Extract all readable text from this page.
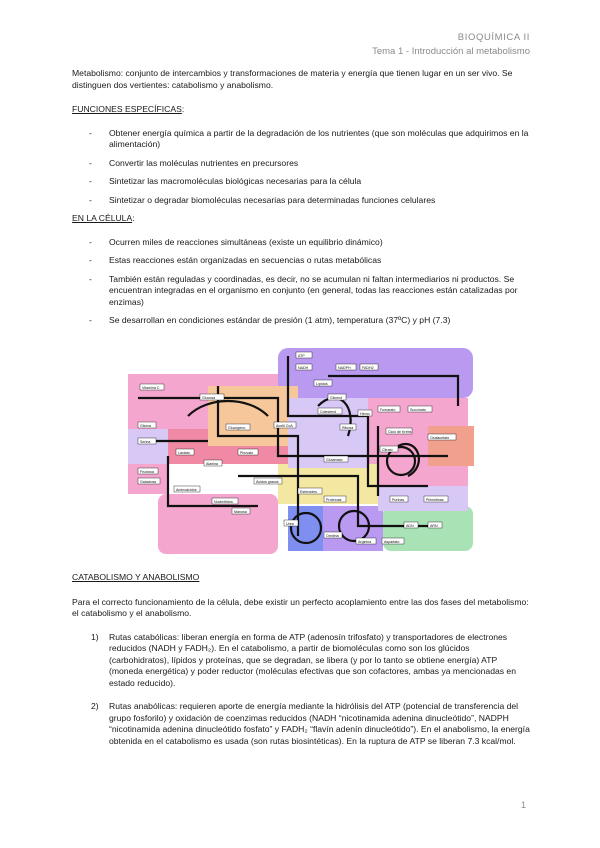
BIOQUÍMICA II
Tema 1 - Introducción al metabolismo

Metabolismo: conjunto de intercambios y transformaciones de materia y energía que tienen lugar en un ser vivo. Se distinguen dos vertientes: catabolismo y anabolismo.

FUNCIONES ESPECÍFICAS:

- Obtener energía química a partir de la degradación de los nutrientes (que son moléculas que adquirimos en la alimentación)
- Convertir las moléculas nutrientes en precursores
- Sintetizar las macromoléculas biológicas necesarias para la célula
- Sintetizar o degradar biomoléculas necesarias para determinadas funciones celulares

EN LA CÉLULA:

- Ocurren miles de reacciones simultáneas (existe un equilibrio dinámico)
- Estas reacciones están organizadas en secuencias o rutas metabólicas
- También están reguladas y coordinadas, es decir, no se acumulan ni faltan intermediarios ni productos. Se encuentran integradas en el organismo en conjunto (en general, todas las reacciones están catalizadas por enzimas)
- Se desarrollan en condiciones estándar de presión (1 atm), temperatura (37ºC) y pH (7.3)
Vitamina C
Glucosa
ATP
NADH
Acetil CoA
Ciclo de Krebs
Piruvato
Lípidos
Glicerol
Colesterol
Aminoácidos
Nucleótidos
Urea
Fumarato	Succinato
Oxalacetato
Citrato
Glucógeno	Ribosa
Purinas	Pirimidinas
Proteínas
ADN	ARN
Lactato
Alanina
Glutamato
Ácidos grasos
Esteroides
Hemo
Glicina
Serina
NADPH	FADH2
Fructosa
Galactosa
Manosa
Ornitina
Arginina	Aspartato

CATABOLISMO Y ANABOLISMO

Para el correcto funcionamiento de la célula, debe existir un perfecto acoplamiento entre las dos fases del metabolismo: el catabolismo y el anabolismo.

1) Rutas catabólicas: liberan energía en forma de ATP (adenosín trifosfato) y transportadores de electrones reducidos (NADH y FADH₂). En el catabolismo, a partir de biomoléculas como son los glúcidos (carbohidratos), lípidos y proteínas, que se degradan, se libera (y por lo tanto se obtiene energía) ATP (moneda energética) y poder reductor (moléculas efectivas que son cofactores, ambas ya mencionadas en estado reducido).
2) Rutas anabólicas: requieren aporte de energía mediante la hidrólisis del ATP (potencial de transferencia del grupo fosforilo) y oxidación de coenzimas reducidos (NADH “nicotinamida adenina dinucleótido”, NADPH “nicotinamida adenina dinucleótido fosfato” y FADH₂ “flavín adenín dinucleótido”). En el anabolismo, la energía obtenida en el catabolismo es usada (son rutas biosintéticas). En la ruptura de ATP se liberan 7.3 kcal/mol.
1
